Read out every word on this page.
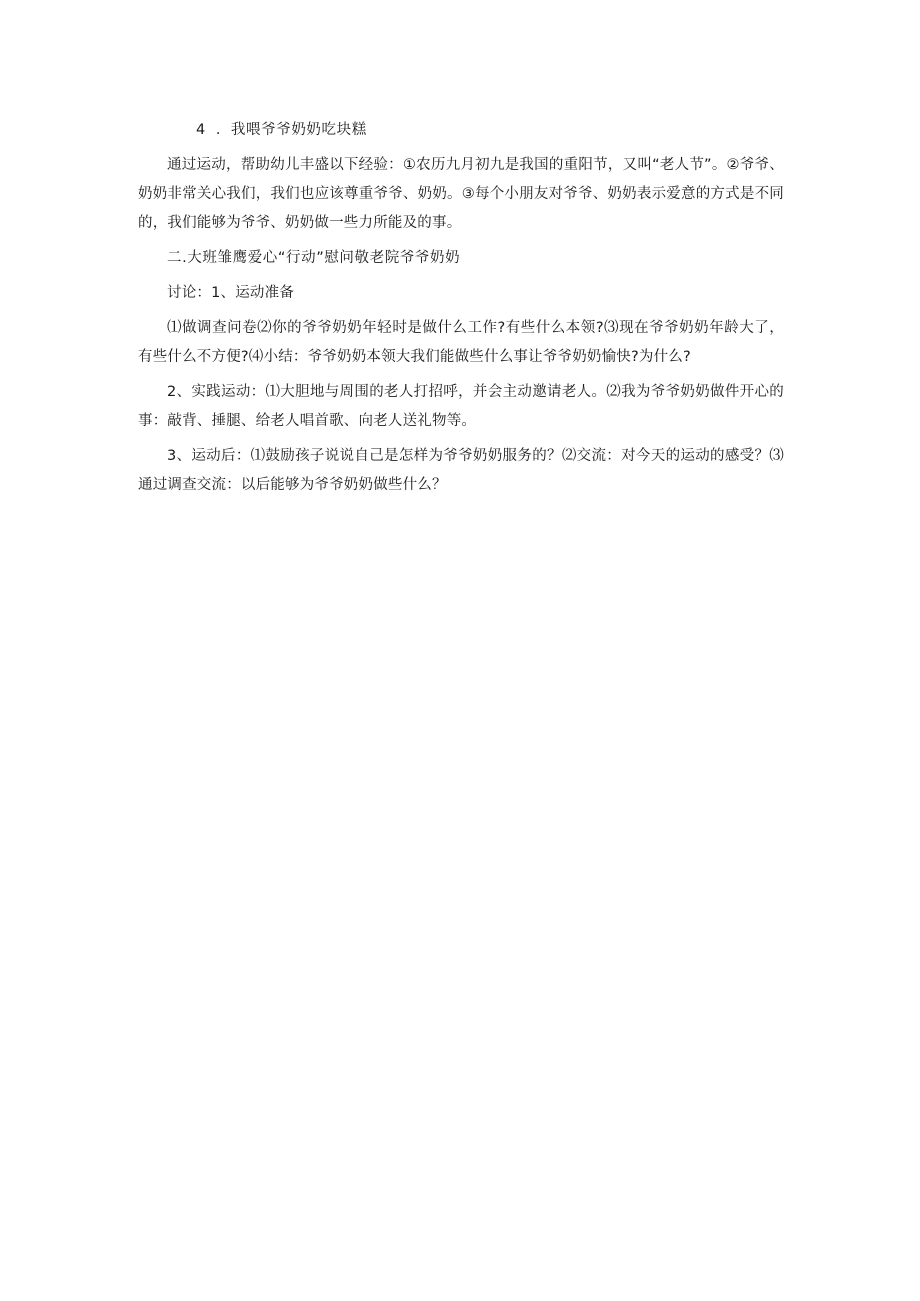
4 ．我喂爷爷奶奶吃块糕

通过运动，帮助幼儿丰盛以下经验：①农历九月初九是我国的重阳节，又叫“老人节”。②爷爷、奶奶非常关心我们，我们也应该尊重爷爷、奶奶。③每个小朋友对爷爷、奶奶表示爱意的方式是不同的，我们能够为爷爷、奶奶做一些力所能及的事。

二.大班雏鹰爱心“行动”慰问敬老院爷爷奶奶

讨论：1、运动准备

⑴做调查问卷⑵你的爷爷奶奶年轻时是做什么工作?有些什么本领?⑶现在爷爷奶奶年龄大了，有些什么不方便?⑷小结：爷爷奶奶本领大我们能做些什么事让爷爷奶奶愉快?为什么?

2、实践运动：⑴大胆地与周围的老人打招呼，并会主动邀请老人。⑵我为爷爷奶奶做件开心的事：敲背、捶腿、给老人唱首歌、向老人送礼物等。

3、运动后：⑴鼓励孩子说说自己是怎样为爷爷奶奶服务的？⑵交流：对今天的运动的感受？⑶通过调查交流：以后能够为爷爷奶奶做些什么？
